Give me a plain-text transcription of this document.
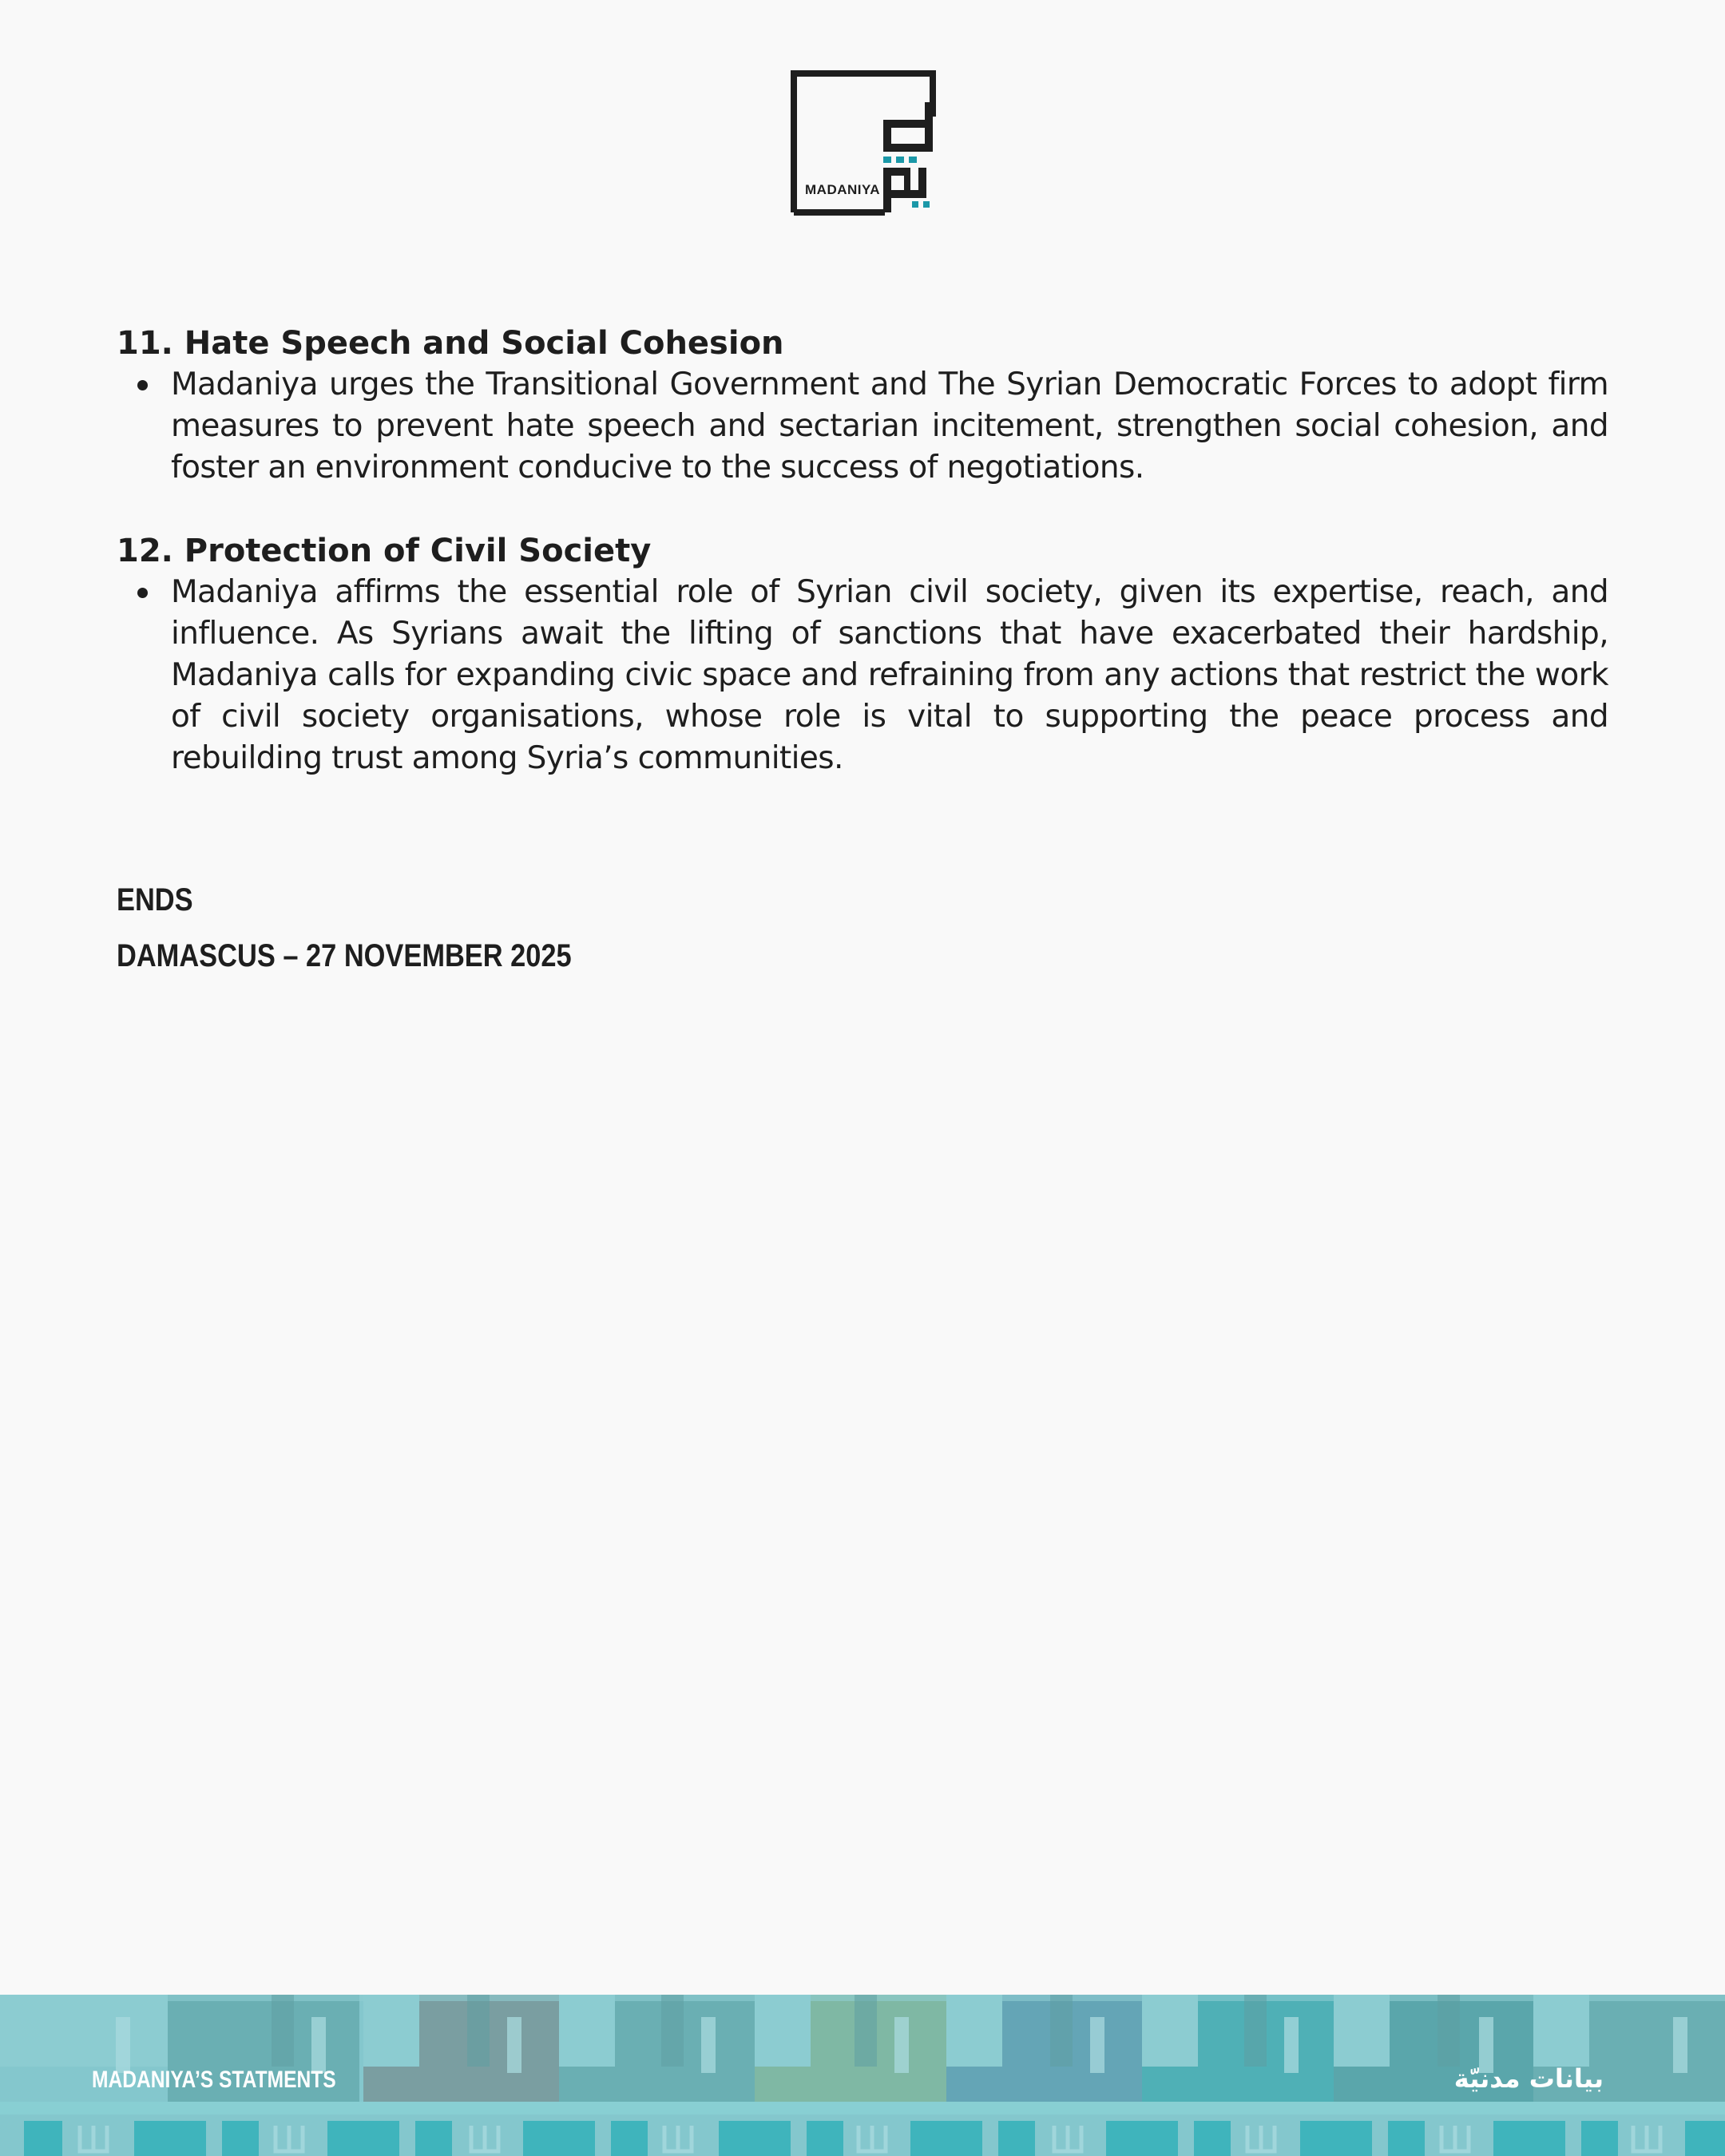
MADANIYA
11. Hate Speech and Social Cohesion
Madaniya urges the Transitional Government and The Syrian Democratic Forces to adopt firm measures to prevent hate speech and sectarian incitement, strengthen social cohesion, and foster an environment conducive to the success of negotiations.
12. Protection of Civil Society
Madaniya affirms the essential role of Syrian civil society, given its expertise, reach, and influence. As Syrians await the lifting of sanctions that have exacerbated their hardship, Madaniya calls for expanding civic space and refraining from any actions that restrict the work of civil society organisations, whose role is vital to supporting the peace process and rebuilding trust among Syria’s communities.
ENDS
DAMASCUS – 27 NOVEMBER 2025
MADANIYA’S STATMENTS	بيانات مدنيّة
